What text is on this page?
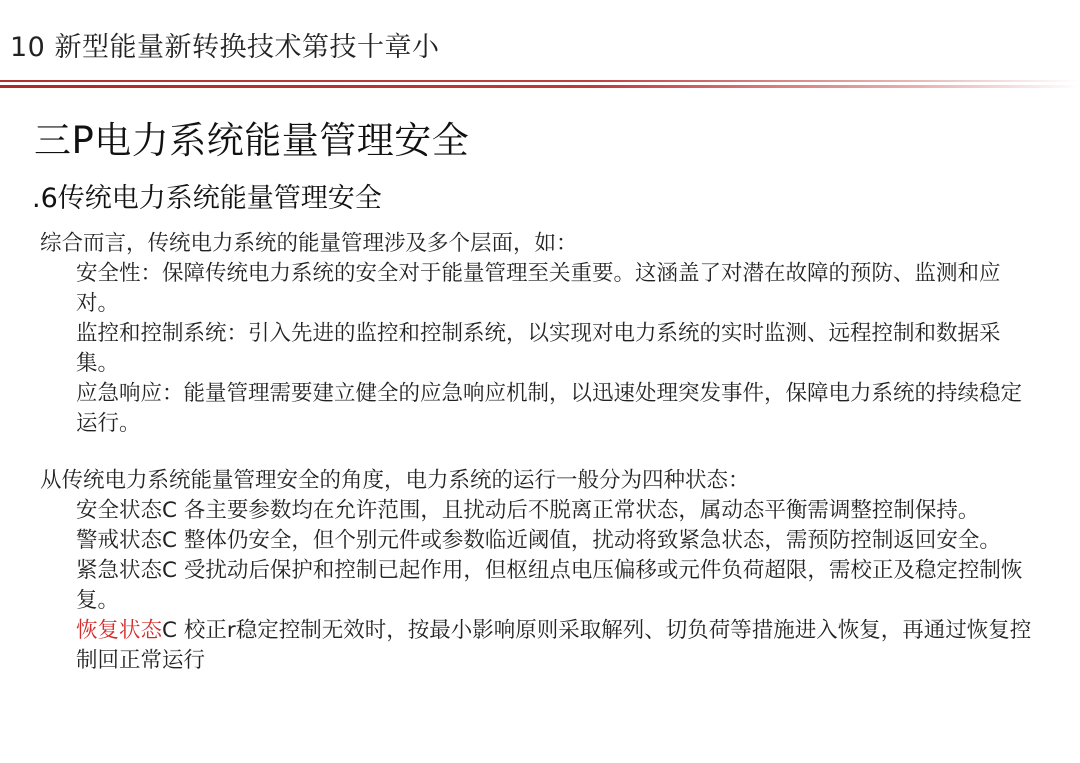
10 新型能量新转换技术第技十章小
三P电力系统能量管理安全
.6传统电力系统能量管理安全
综合而言，传统电力系统的能量管理涉及多个层面，如：

安全性：保障传统电力系统的安全对于能量管理至关重要。这涵盖了对潜在故障的预防、监测和应对。

监控和控制系统：引入先进的监控和控制系统，以实现对电力系统的实时监测、远程控制和数据采集。

应急响应：能量管理需要建立健全的应急响应机制，以迅速处理突发事件，保障电力系统的持续稳定运行。

从传统电力系统能量管理安全的角度，电力系统的运行一般分为四种状态：

安全状态C 各主要参数均在允许范围，且扰动后不脱离正常状态，属动态平衡需调整控制保持。

警戒状态C 整体仍安全，但个别元件或参数临近阈值，扰动将致紧急状态，需预防控制返回安全。

紧急状态C 受扰动后保护和控制已起作用，但枢纽点电压偏移或元件负荷超限，需校正及稳定控制恢复。

恢复状态C 校正r稳定控制无效时，按最小影响原则采取解列、切负荷等措施进入恢复，再通过恢复控制回正常运行
